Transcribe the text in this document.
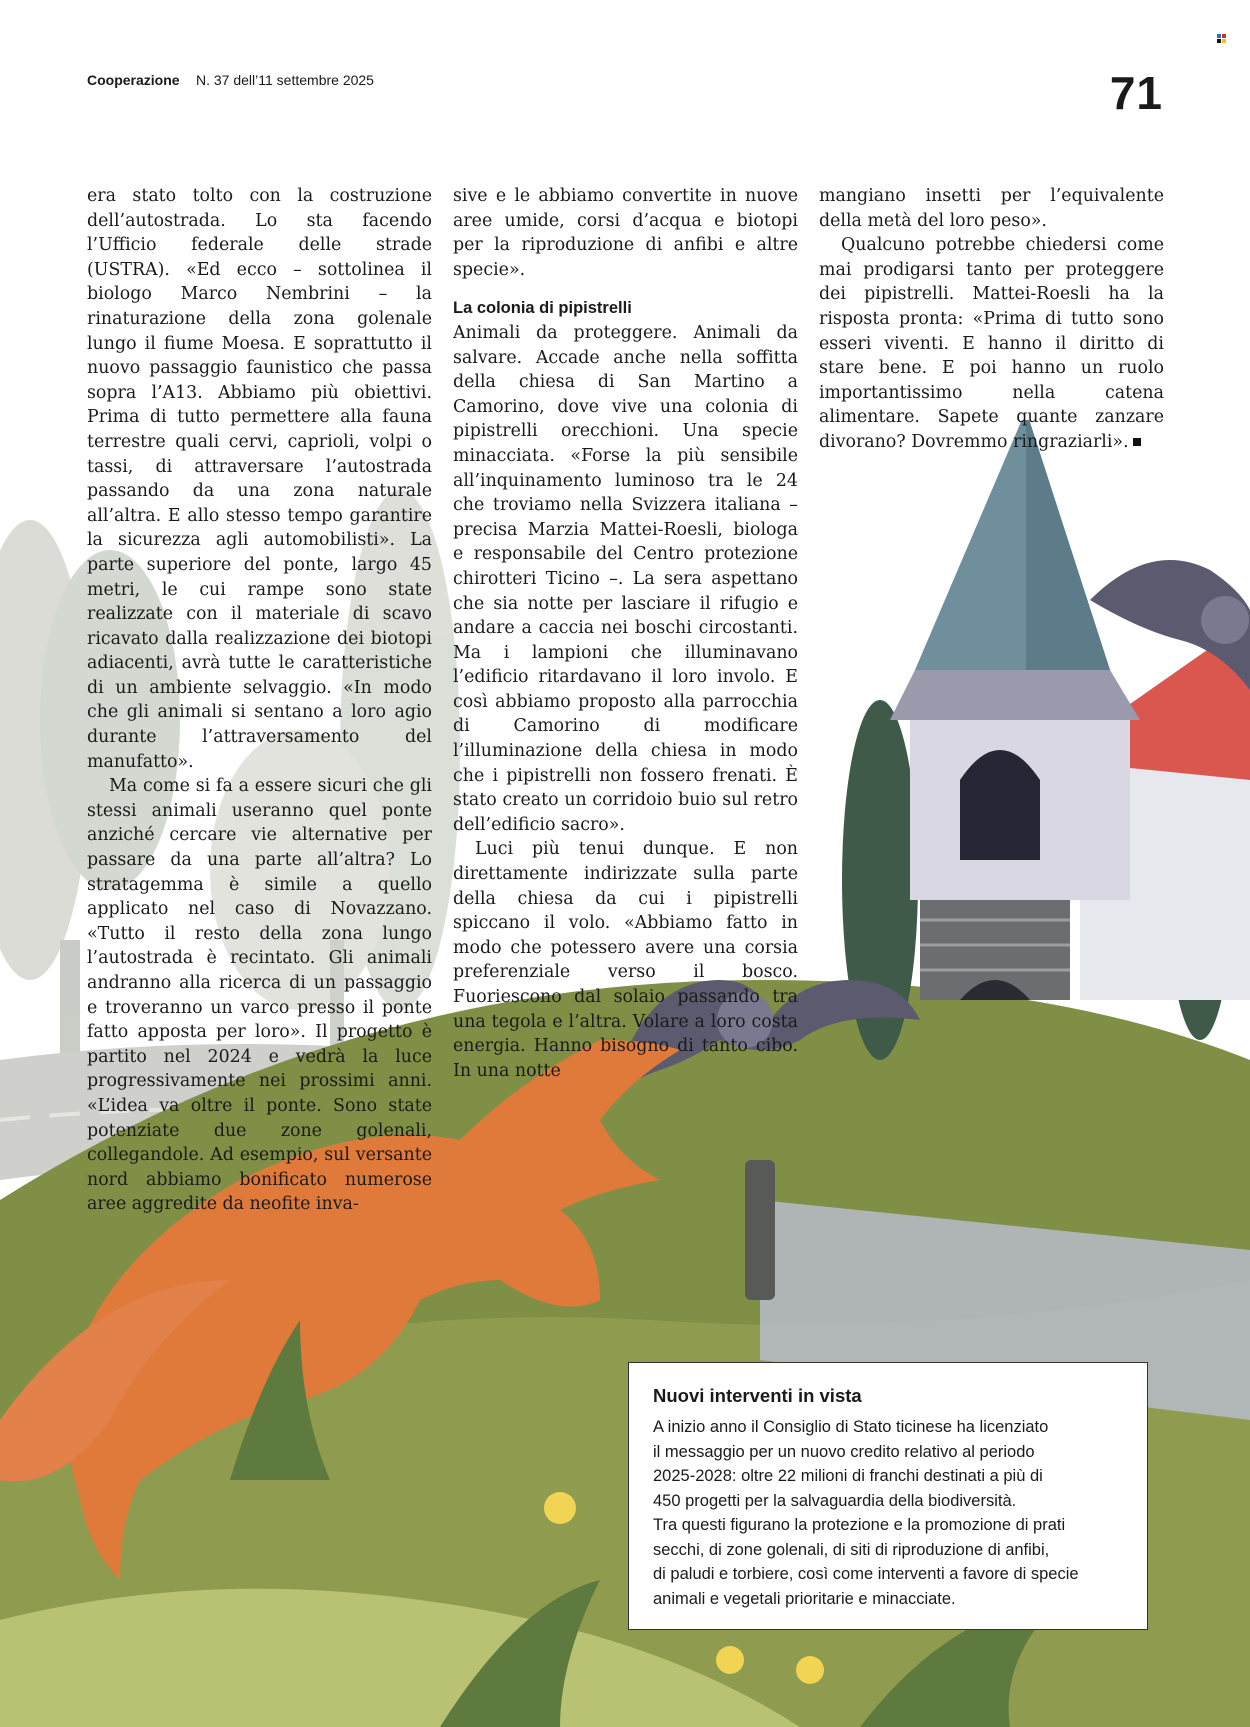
Cooperazione N. 37 dell’11 settembre 2025	71

era stato tolto con la costruzione dell’autostrada. Lo sta facendo l’Ufficio federale delle strade (USTRA). «Ed ecco – sottolinea il biologo Marco Nembrini – la rinaturazione della zona golenale lungo il fiume Moesa. E soprattutto il nuovo passaggio faunistico che passa sopra l’A13. Abbiamo più obiettivi. Prima di tutto permettere alla fauna terrestre quali cervi, caprioli, volpi o tassi, di attraversare l’autostrada passando da una zona naturale all’altra. E allo stesso tempo garantire la sicurezza agli automobilisti». La parte superiore del ponte, largo 45 metri, le cui rampe sono state realizzate con il materiale di scavo ricavato dalla realizzazione dei biotopi adiacenti, avrà tutte le caratteristiche di un ambiente selvaggio. «In modo che gli animali si sentano a loro agio durante l’attraversamento del manufatto».

Ma come si fa a essere sicuri che gli stessi animali useranno quel ponte anziché cercare vie alternative per passare da una parte all’altra? Lo stratagemma è simile a quello applicato nel caso di Novazzano. «Tutto il resto della zona lungo l’autostrada è recintato. Gli animali andranno alla ricerca di un passaggio e troveranno un varco presso il ponte fatto apposta per loro». Il progetto è partito nel 2024 e vedrà la luce progressivamente nei prossimi anni. «L’idea va oltre il ponte. Sono state potenziate due zone golenali, collegandole. Ad esempio, sul versante nord abbiamo bonificato numerose aree aggredite da neofite inva-

sive e le abbiamo convertite in nuove aree umide, corsi d’acqua e biotopi per la riproduzione di anfibi e altre specie».

La colonia di pipistrelli

Animali da proteggere. Animali da salvare. Accade anche nella soffitta della chiesa di San Martino a Camorino, dove vive una colonia di pipistrelli orecchioni. Una specie minacciata. «Forse la più sensibile all’inquinamento luminoso tra le 24 che troviamo nella Svizzera italiana – precisa Marzia Mattei-Roesli, biologa e responsabile del Centro protezione chirotteri Ticino –. La sera aspettano che sia notte per lasciare il rifugio e andare a caccia nei boschi circostanti. Ma i lampioni che illuminavano l’edificio ritardavano il loro involo. E così abbiamo proposto alla parrocchia di Camorino di modificare l’illuminazione della chiesa in modo che i pipistrelli non fossero frenati. È stato creato un corridoio buio sul retro dell’edificio sacro».

Luci più tenui dunque. E non direttamente indirizzate sulla parte della chiesa da cui i pipistrelli spiccano il volo. «Abbiamo fatto in modo che potessero avere una corsia preferenziale verso il bosco. Fuoriescono dal solaio passando tra una tegola e l’altra. Volare a loro costa energia. Hanno bisogno di tanto cibo. In una notte

mangiano insetti per l’equivalente della metà del loro peso».

Qualcuno potrebbe chiedersi come mai prodigarsi tanto per proteggere dei pipistrelli. Mattei-Roesli ha la risposta pronta: «Prima di tutto sono esseri viventi. E hanno il diritto di stare bene. E poi hanno un ruolo importantissimo nella catena alimentare. Sapete quante zanzare divorano? Dovremmo ringraziarli».

Nuovi interventi in vista

A inizio anno il Consiglio di Stato ticinese ha licenziato
il messaggio per un nuovo credito relativo al periodo
2025-2028: oltre 22 milioni di franchi destinati a più di
450 progetti per la salvaguardia della biodiversità.
Tra questi figurano la protezione e la promozione di prati
secchi, di zone golenali, di siti di riproduzione di anfibi,
di paludi e torbiere, così come interventi a favore di specie
animali e vegetali prioritarie e minacciate.
